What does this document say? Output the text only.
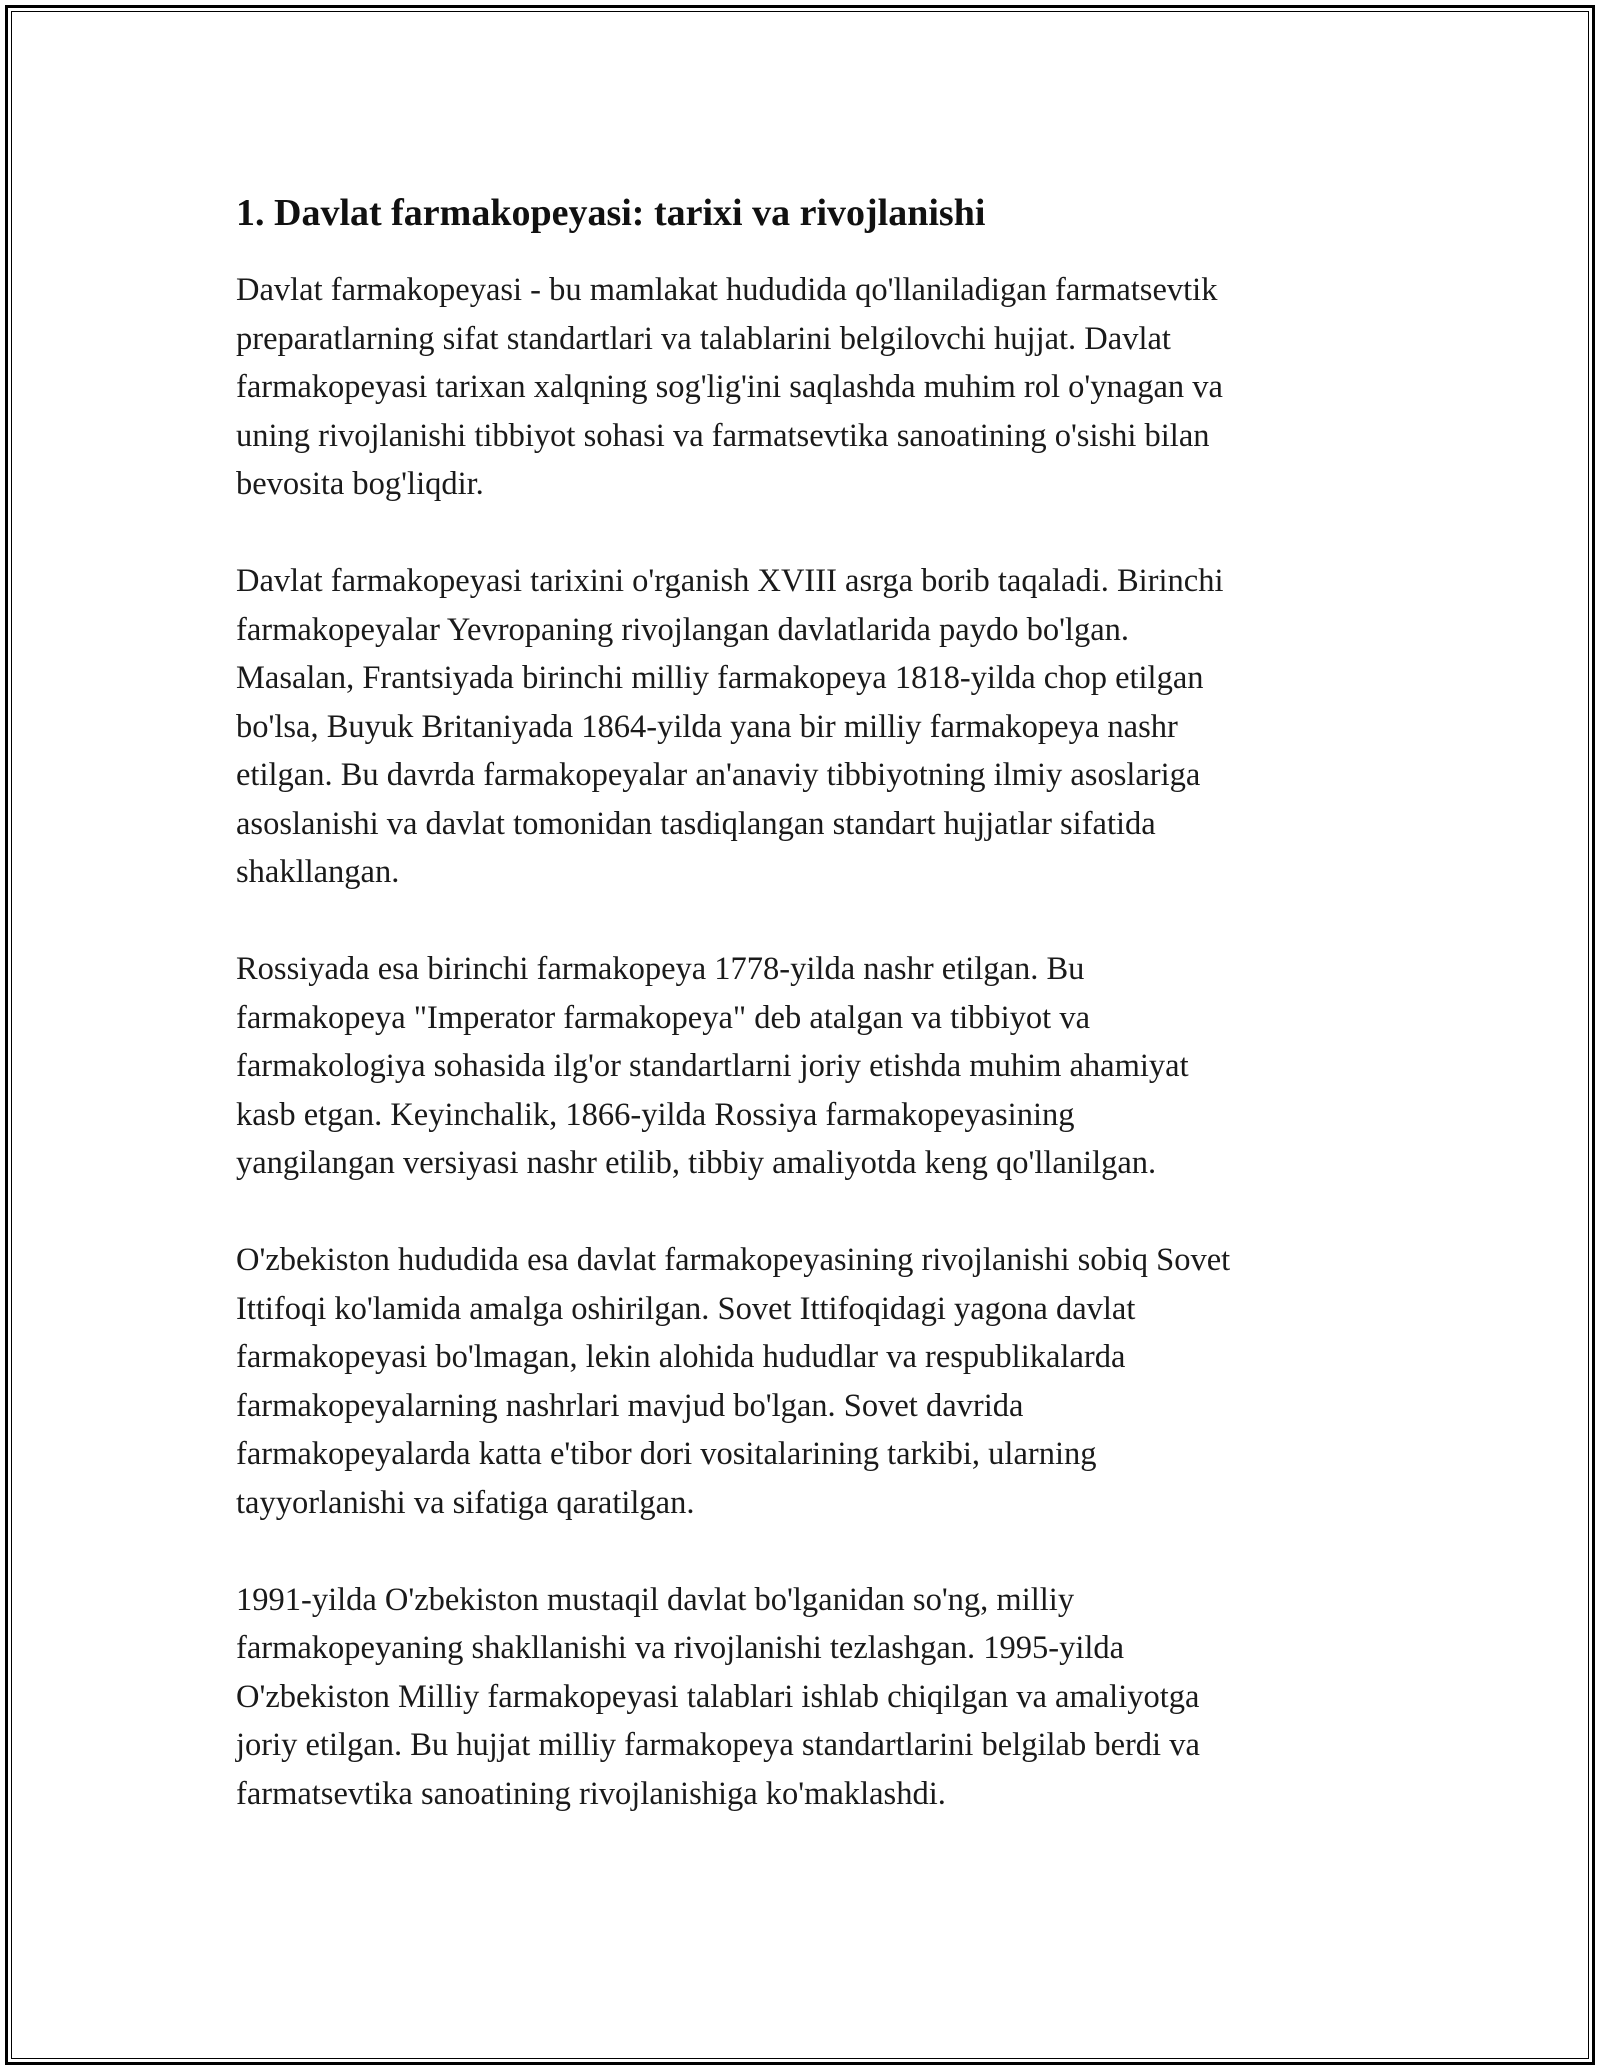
1. Davlat farmakopeyasi: tarixi va rivojlanishi

Davlat farmakopeyasi - bu mamlakat hududida qo'llaniladigan farmatsevtik
preparatlarning sifat standartlari va talablarini belgilovchi hujjat. Davlat
farmakopeyasi tarixan xalqning sog'lig'ini saqlashda muhim rol o'ynagan va
uning rivojlanishi tibbiyot sohasi va farmatsevtika sanoatining o'sishi bilan
bevosita bog'liqdir.

Davlat farmakopeyasi tarixini o'rganish XVIII asrga borib taqaladi. Birinchi
farmakopeyalar Yevropaning rivojlangan davlatlarida paydo bo'lgan.
Masalan, Frantsiyada birinchi milliy farmakopeya 1818-yilda chop etilgan
bo'lsa, Buyuk Britaniyada 1864-yilda yana bir milliy farmakopeya nashr
etilgan. Bu davrda farmakopeyalar an'anaviy tibbiyotning ilmiy asoslariga
asoslanishi va davlat tomonidan tasdiqlangan standart hujjatlar sifatida
shakllangan.

Rossiyada esa birinchi farmakopeya 1778-yilda nashr etilgan. Bu
farmakopeya "Imperator farmakopeya" deb atalgan va tibbiyot va
farmakologiya sohasida ilg'or standartlarni joriy etishda muhim ahamiyat
kasb etgan. Keyinchalik, 1866-yilda Rossiya farmakopeyasining
yangilangan versiyasi nashr etilib, tibbiy amaliyotda keng qo'llanilgan.

O'zbekiston hududida esa davlat farmakopeyasining rivojlanishi sobiq Sovet
Ittifoqi ko'lamida amalga oshirilgan. Sovet Ittifoqidagi yagona davlat
farmakopeyasi bo'lmagan, lekin alohida hududlar va respublikalarda
farmakopeyalarning nashrlari mavjud bo'lgan. Sovet davrida
farmakopeyalarda katta e'tibor dori vositalarining tarkibi, ularning
tayyorlanishi va sifatiga qaratilgan.

1991-yilda O'zbekiston mustaqil davlat bo'lganidan so'ng, milliy
farmakopeyaning shakllanishi va rivojlanishi tezlashgan. 1995-yilda
O'zbekiston Milliy farmakopeyasi talablari ishlab chiqilgan va amaliyotga
joriy etilgan. Bu hujjat milliy farmakopeya standartlarini belgilab berdi va
farmatsevtika sanoatining rivojlanishiga ko'maklashdi.
